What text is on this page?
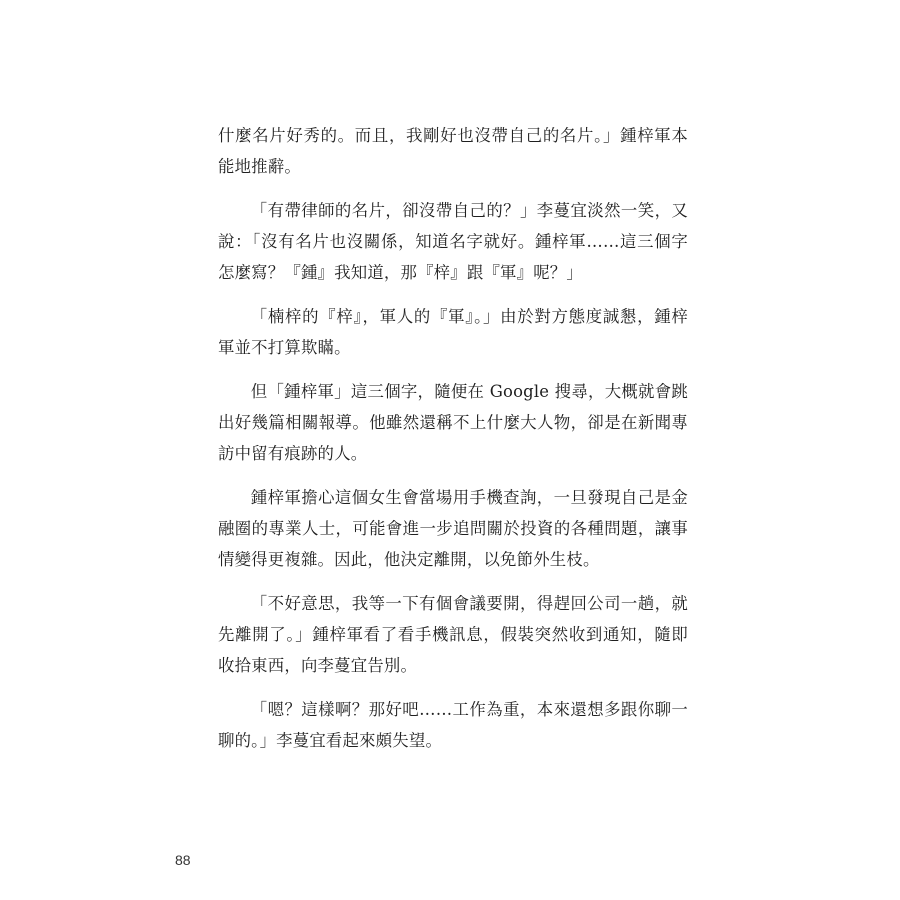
什麼名片好秀的。而且，我剛好也沒帶自己的名片。」鍾梓軍本能地推辭。

「有帶律師的名片，卻沒帶自己的？」李蔓宜淡然一笑，又說：「沒有名片也沒關係，知道名字就好。鍾梓軍……這三個字怎麼寫？『鍾』我知道，那『梓』跟『軍』呢？」

「楠梓的『梓』，軍人的『軍』。」由於對方態度誠懇，鍾梓軍並不打算欺瞞。

但「鍾梓軍」這三個字，隨便在 Google 搜尋，大概就會跳出好幾篇相關報導。他雖然還稱不上什麼大人物，卻是在新聞專訪中留有痕跡的人。

鍾梓軍擔心這個女生會當場用手機查詢，一旦發現自己是金融圈的專業人士，可能會進一步追問關於投資的各種問題，讓事情變得更複雜。因此，他決定離開，以免節外生枝。

「不好意思，我等一下有個會議要開，得趕回公司一趟，就先離開了。」鍾梓軍看了看手機訊息，假裝突然收到通知，隨即收拾東西，向李蔓宜告別。

「嗯？這樣啊？那好吧……工作為重，本來還想多跟你聊一聊的。」李蔓宜看起來頗失望。

88
